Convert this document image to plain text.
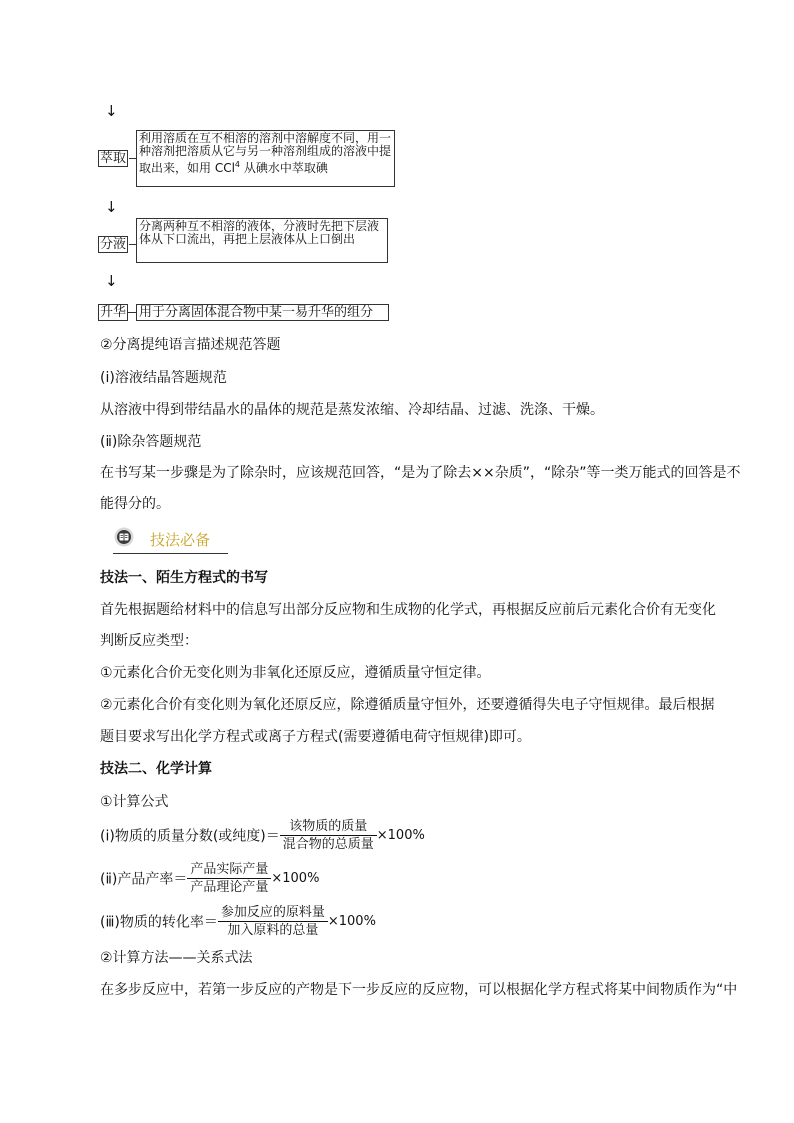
↓
萃取
利用溶质在互不相溶的溶剂中溶解度不同，用一种溶剂把溶质从它与另一种溶剂组成的溶液中提取出来，如用 CCl$^4$ 从碘水中萃取碘
↓
分液
分离两种互不相溶的液体，分液时先把下层液体从下口流出，再把上层液体从上口倒出
↓
升华 用于分离固体混合物中某一易升华的组分
②分离提纯语言描述规范答题
(ⅰ)溶液结晶答题规范
从溶液中得到带结晶水的晶体的规范是蒸发浓缩、冷却结晶、过滤、洗涤、干燥。
(ⅱ)除杂答题规范
在书写某一步骤是为了除杂时，应该规范回答，“是为了除去××杂质”，“除杂”等一类万能式的回答是不
能得分的。
技法必备
技法一、陌生方程式的书写
首先根据题给材料中的信息写出部分反应物和生成物的化学式，再根据反应前后元素化合价有无变化
判断反应类型：
①元素化合价无变化则为非氧化还原反应，遵循质量守恒定律。
②元素化合价有变化则为氧化还原反应，除遵循质量守恒外，还要遵循得失电子守恒规律。最后根据
题目要求写出化学方程式或离子方程式(需要遵循电荷守恒规律)即可。
技法二、化学计算
①计算公式
(ⅰ)物质的质量分数(或纯度)＝ $\frac{\text{该物质的质量}}{\text{混合物的总质量}} \times 100\%$
(ⅱ)产品产率＝ $\frac{\text{产品实际产量}}{\text{产品理论产量}} \times 100\%$
(ⅲ)物质的转化率＝ $\frac{\text{参加反应的原料量}}{\text{加入原料的总量}} \times 100\%$
②计算方法——关系式法
在多步反应中，若第一步反应的产物是下一步反应的反应物，可以根据化学方程式将某中间物质作为“中
